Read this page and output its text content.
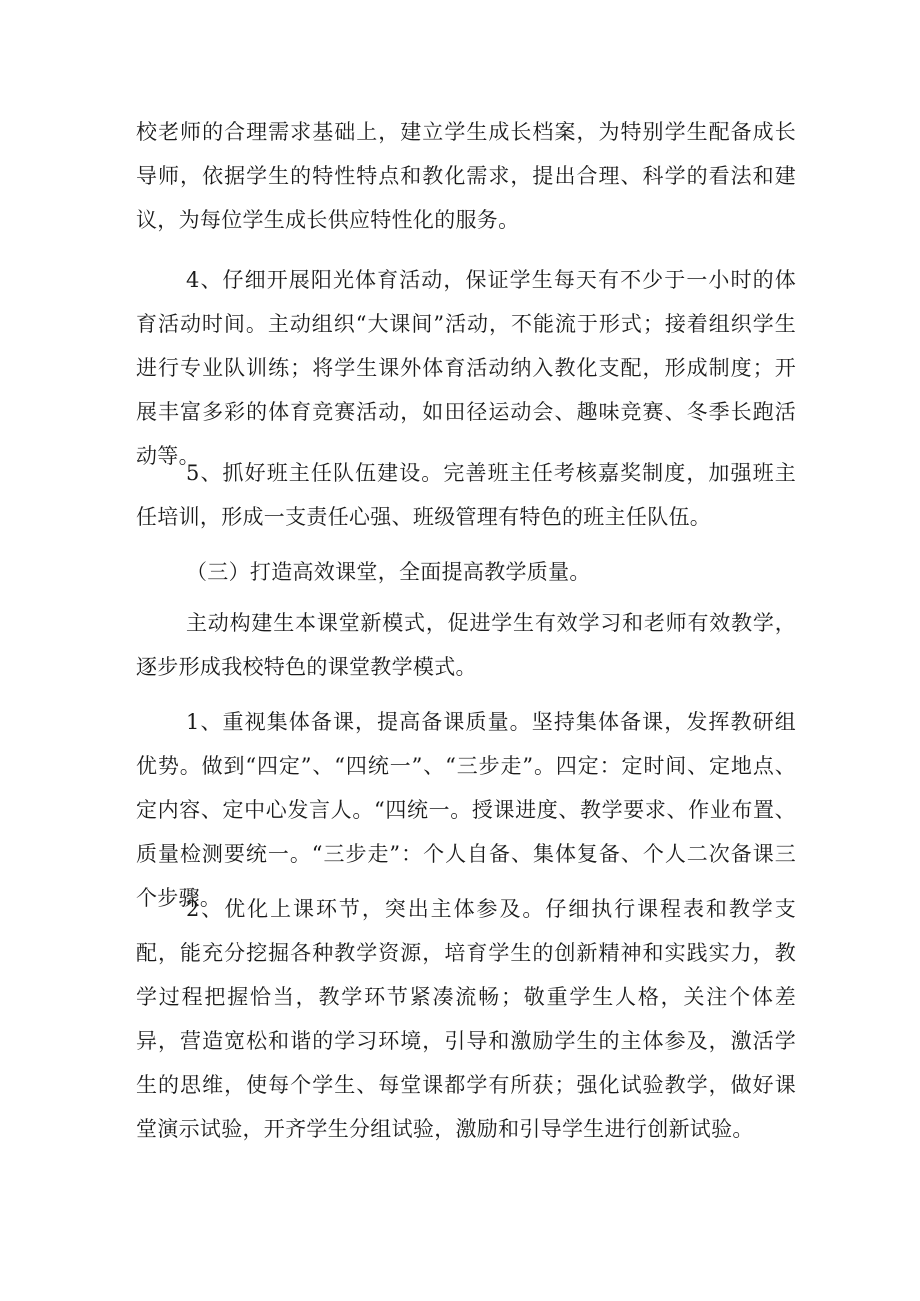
校老师的合理需求基础上，建立学生成长档案，为特别学生配备成长导师，依据学生的特性特点和教化需求，提出合理、科学的看法和建议，为每位学生成长供应特性化的服务。

4、仔细开展阳光体育活动，保证学生每天有不少于一小时的体育活动时间。主动组织“大课间”活动，不能流于形式；接着组织学生进行专业队训练；将学生课外体育活动纳入教化支配，形成制度；开展丰富多彩的体育竞赛活动，如田径运动会、趣味竞赛、冬季长跑活动等。

5、抓好班主任队伍建设。完善班主任考核嘉奖制度，加强班主任培训，形成一支责任心强、班级管理有特色的班主任队伍。

（三）打造高效课堂，全面提高教学质量。

主动构建生本课堂新模式，促进学生有效学习和老师有效教学，逐步形成我校特色的课堂教学模式。

1、重视集体备课，提高备课质量。坚持集体备课，发挥教研组优势。做到“四定”、“四统一”、“三步走”。四定：定时间、定地点、定内容、定中心发言人。“四统一。授课进度、教学要求、作业布置、质量检测要统一。“三步走”：个人自备、集体复备、个人二次备课三个步骤。

2、优化上课环节，突出主体参及。仔细执行课程表和教学支配，能充分挖掘各种教学资源，培育学生的创新精神和实践实力，教学过程把握恰当，教学环节紧凑流畅；敬重学生人格，关注个体差异，营造宽松和谐的学习环境，引导和激励学生的主体参及，激活学生的思维，使每个学生、每堂课都学有所获；强化试验教学，做好课堂演示试验，开齐学生分组试验，激励和引导学生进行创新试验。
